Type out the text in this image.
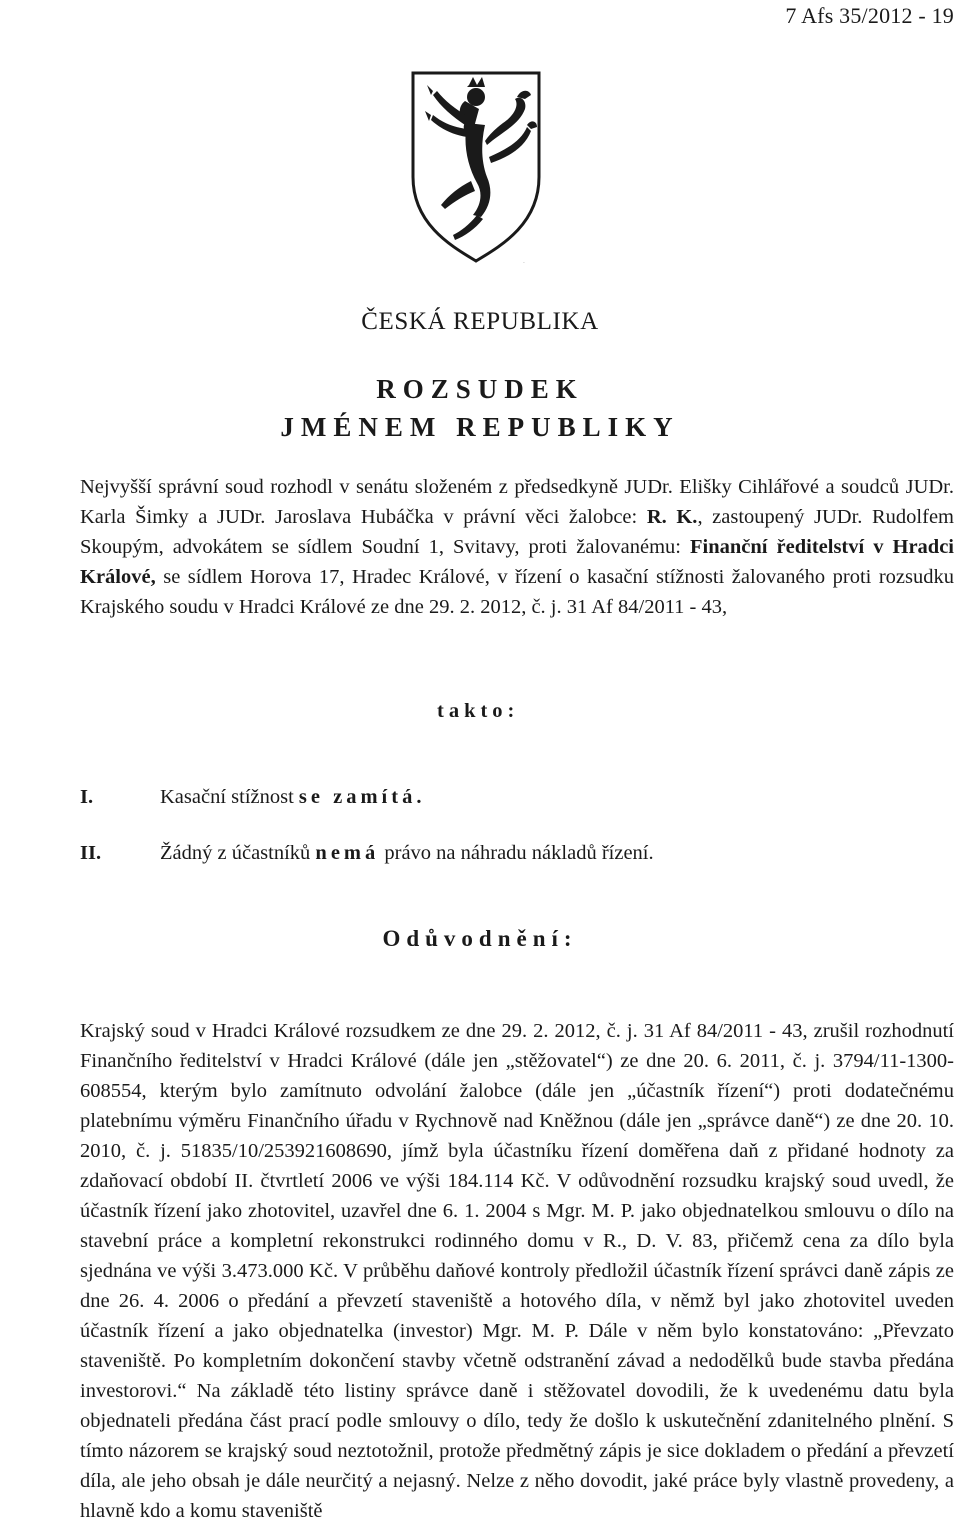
7 Afs 35/2012 - 19
·
ČESKÁ REPUBLIKA
ROZSUDEK
JMÉNEM REPUBLIKY

Nejvyšší správní soud rozhodl v senátu složeném z předsedkyně JUDr. Elišky Cihlářové a soudců JUDr. Karla Šimky a JUDr. Jaroslava Hubáčka v právní věci žalobce: R. K., zastoupený JUDr. Rudolfem Skoupým, advokátem se sídlem Soudní 1, Svitavy, proti žalovanému: Finanční ředitelství v Hradci Králové, se sídlem Horova 17, Hradec Králové, v řízení o kasační stížnosti žalovaného proti rozsudku Krajského soudu v Hradci Králové ze dne 29. 2. 2012, č. j. 31 Af 84/2011 - 43,

takto:
I.	Kasační stížnost se zamítá.
II.	Žádný z účastníků nemá právo na náhradu nákladů řízení.
Odůvodnění:

Krajský soud v Hradci Králové rozsudkem ze dne 29. 2. 2012, č. j. 31 Af 84/2011 - 43, zrušil rozhodnutí Finančního ředitelství v Hradci Králové (dále jen „stěžovatel“) ze dne 20. 6. 2011, č. j. 3794/11-1300-608554, kterým bylo zamítnuto odvolání žalobce (dále jen „účastník řízení“) proti dodatečnému platebnímu výměru Finančního úřadu v Rychnově nad Kněžnou (dále jen „správce daně“) ze dne 20. 10. 2010, č. j. 51835/10/253921608690, jímž byla účastníku řízení doměřena daň z přidané hodnoty za zdaňovací období II. čtvrtletí 2006 ve výši 184.114 Kč. V odůvodnění rozsudku krajský soud uvedl, že účastník řízení jako zhotovitel, uzavřel dne 6. 1. 2004 s Mgr. M. P. jako objednatelkou smlouvu o dílo na stavební práce a kompletní rekonstrukci rodinného domu v R., D. V. 83, přičemž cena za dílo byla sjednána ve výši 3.473.000 Kč. V průběhu daňové kontroly předložil účastník řízení správci daně zápis ze dne 26. 4. 2006 o předání a převzetí staveniště a hotového díla, v němž byl jako zhotovitel uveden účastník řízení a jako objednatelka (investor) Mgr. M. P. Dále v něm bylo konstatováno: „Převzato staveniště. Po kompletním dokončení stavby včetně odstranění závad a nedodělků bude stavba předána investorovi.“ Na základě této listiny správce daně i stěžovatel dovodili, že k uvedenému datu byla objednateli předána část prací podle smlouvy o dílo, tedy že došlo k uskutečnění zdanitelného plnění. S tímto názorem se krajský soud neztotožnil, protože předmětný zápis je sice dokladem o předání a převzetí díla, ale jeho obsah je dále neurčitý a nejasný. Nelze z něho dovodit, jaké práce byly vlastně provedeny, a hlavně kdo a komu staveniště
